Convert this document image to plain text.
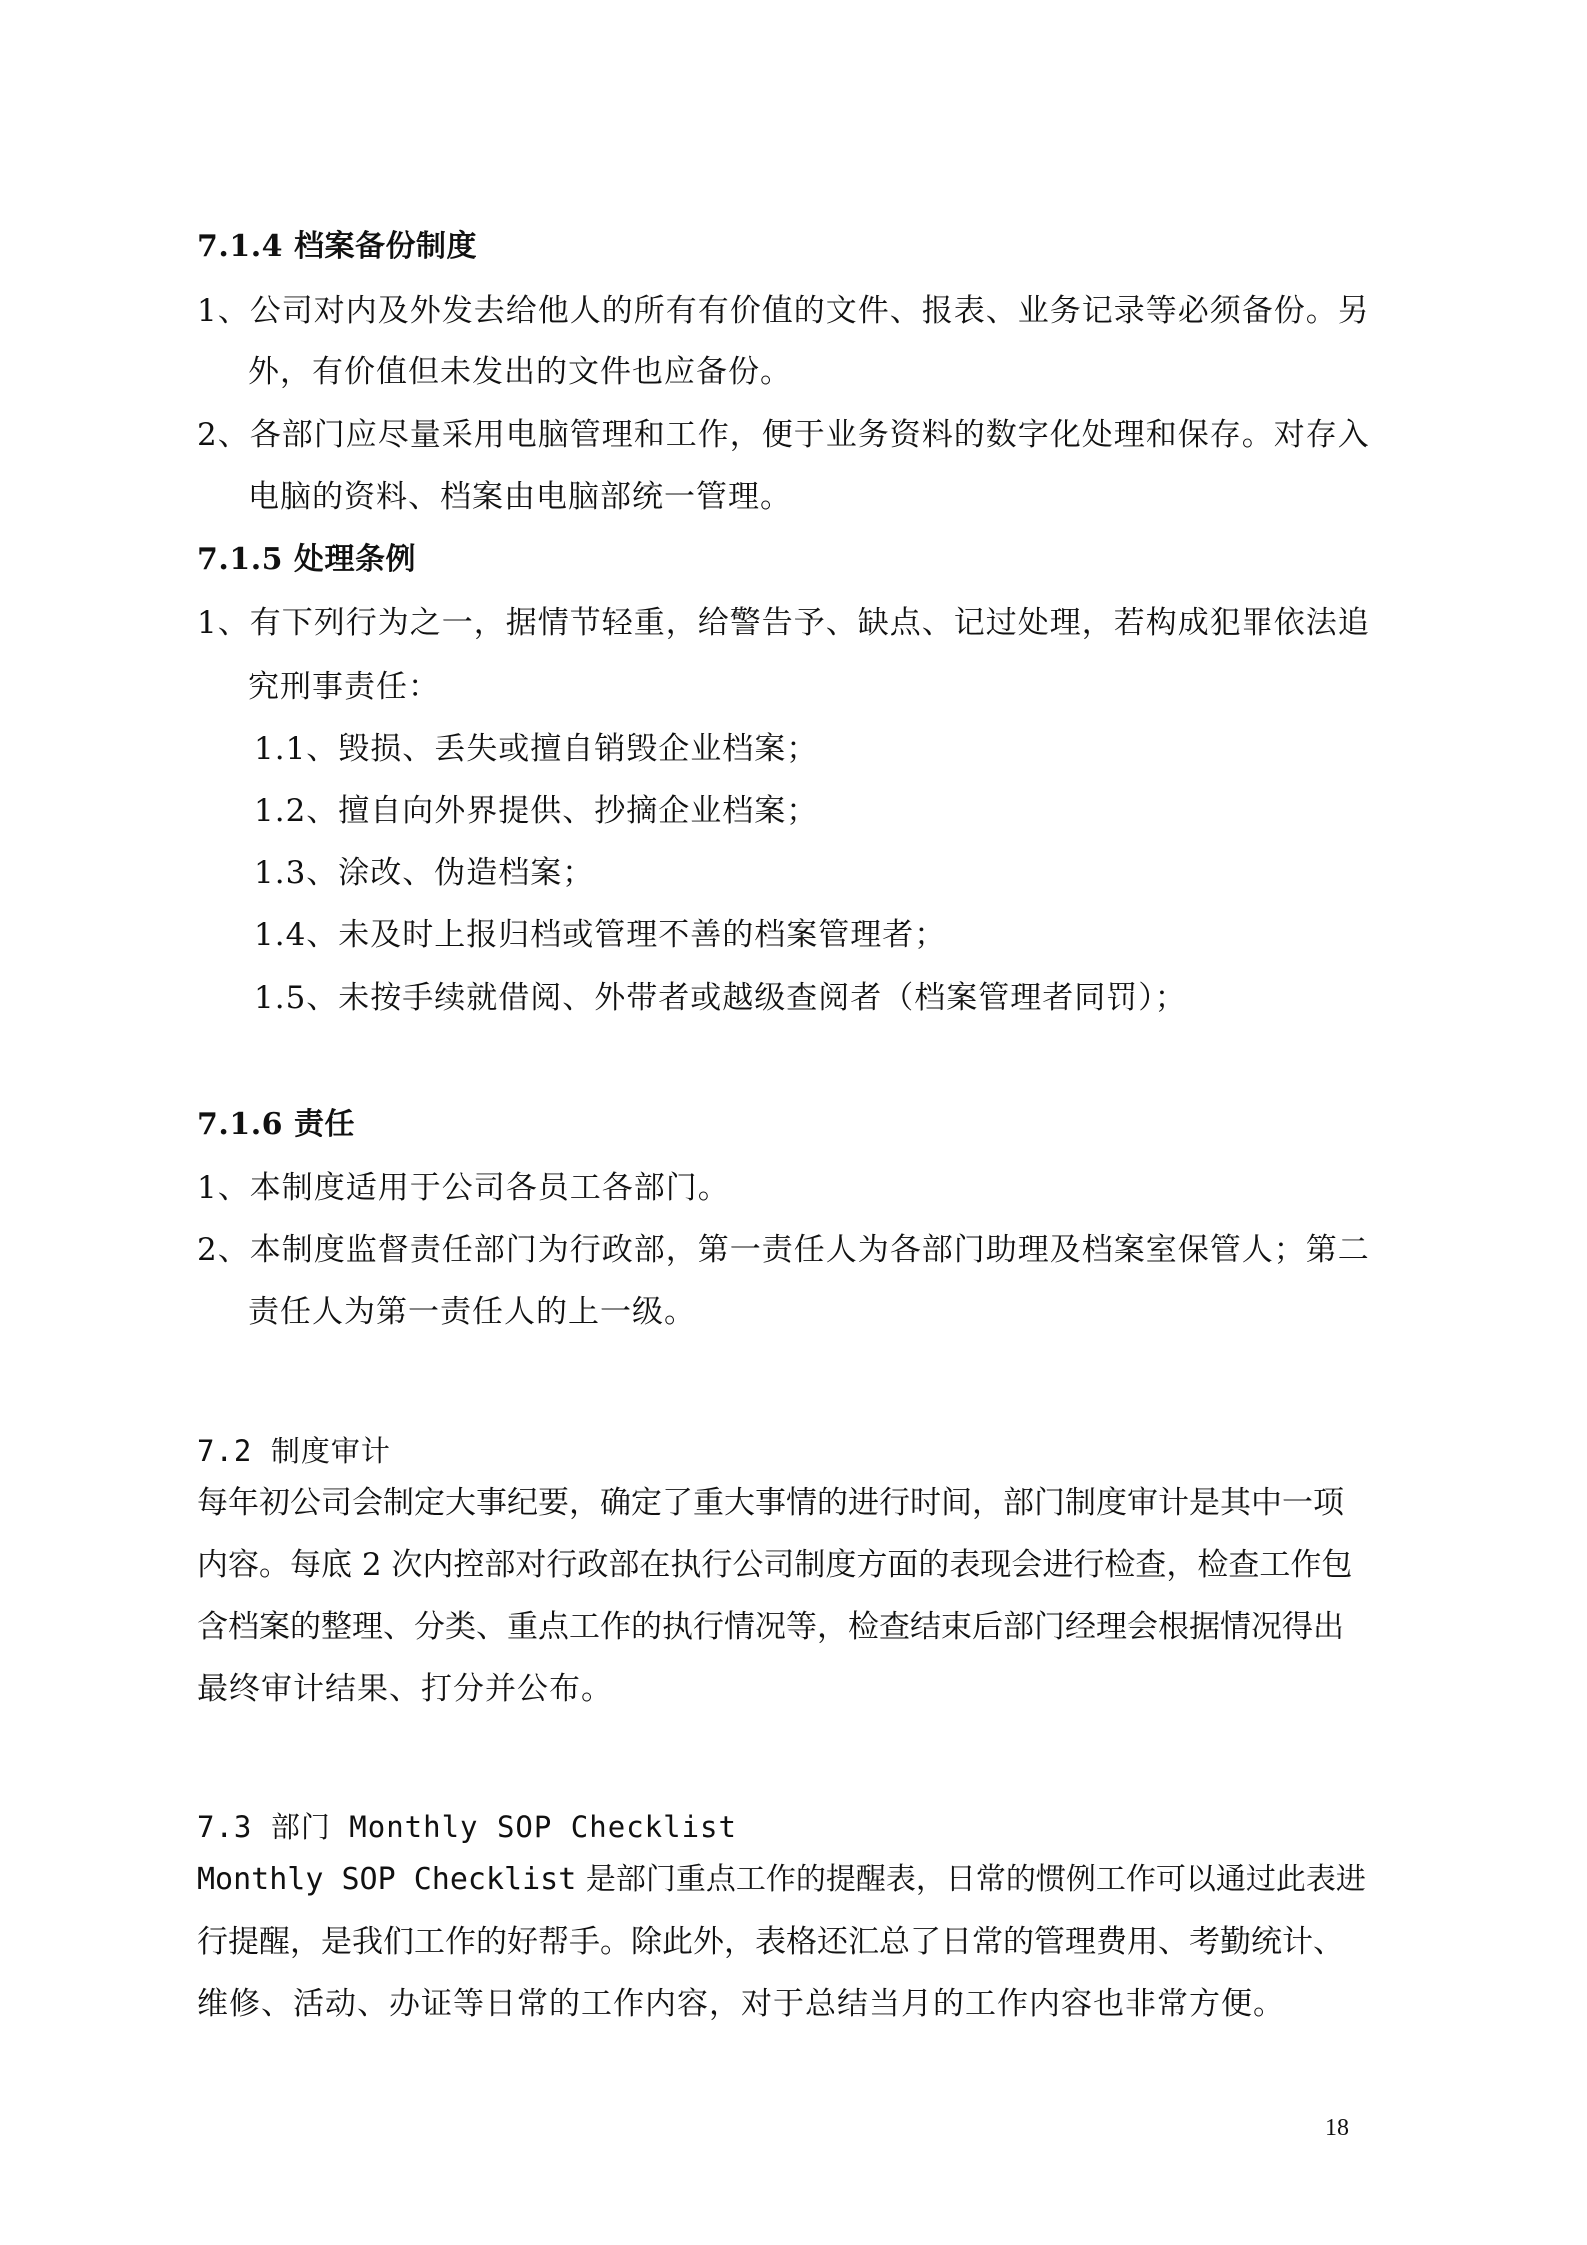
7.1.4 档案备份制度
1、公司对内及外发去给他人的所有有价值的文件、报表、业务记录等必须备份。另
外，有价值但未发出的文件也应备份。
2、各部门应尽量采用电脑管理和工作，便于业务资料的数字化处理和保存。对存入
电脑的资料、档案由电脑部统一管理。
7.1.5 处理条例
1、有下列行为之一，据情节轻重，给警告予、缺点、记过处理，若构成犯罪依法追
究刑事责任：
1.1、毁损、丢失或擅自销毁企业档案；
1.2、擅自向外界提供、抄摘企业档案；
1.3、涂改、伪造档案；
1.4、未及时上报归档或管理不善的档案管理者；
1.5、未按手续就借阅、外带者或越级查阅者（档案管理者同罚）；
7.1.6 责任
1、本制度适用于公司各员工各部门。
2、本制度监督责任部门为行政部，第一责任人为各部门助理及档案室保管人；第二
责任人为第一责任人的上一级。
7.2 制度审计
每年初公司会制定大事纪要，确定了重大事情的进行时间，部门制度审计是其中一项
内容。每底 2 次内控部对行政部在执行公司制度方面的表现会进行检查，检查工作包
含档案的整理、分类、重点工作的执行情况等，检查结束后部门经理会根据情况得出
最终审计结果、打分并公布。
7.3 部门 Monthly SOP Checklist
Monthly SOP Checklist 是部门重点工作的提醒表，日常的惯例工作可以通过此表进
行提醒，是我们工作的好帮手。除此外，表格还汇总了日常的管理费用、考勤统计、
维修、活动、办证等日常的工作内容，对于总结当月的工作内容也非常方便。
18
